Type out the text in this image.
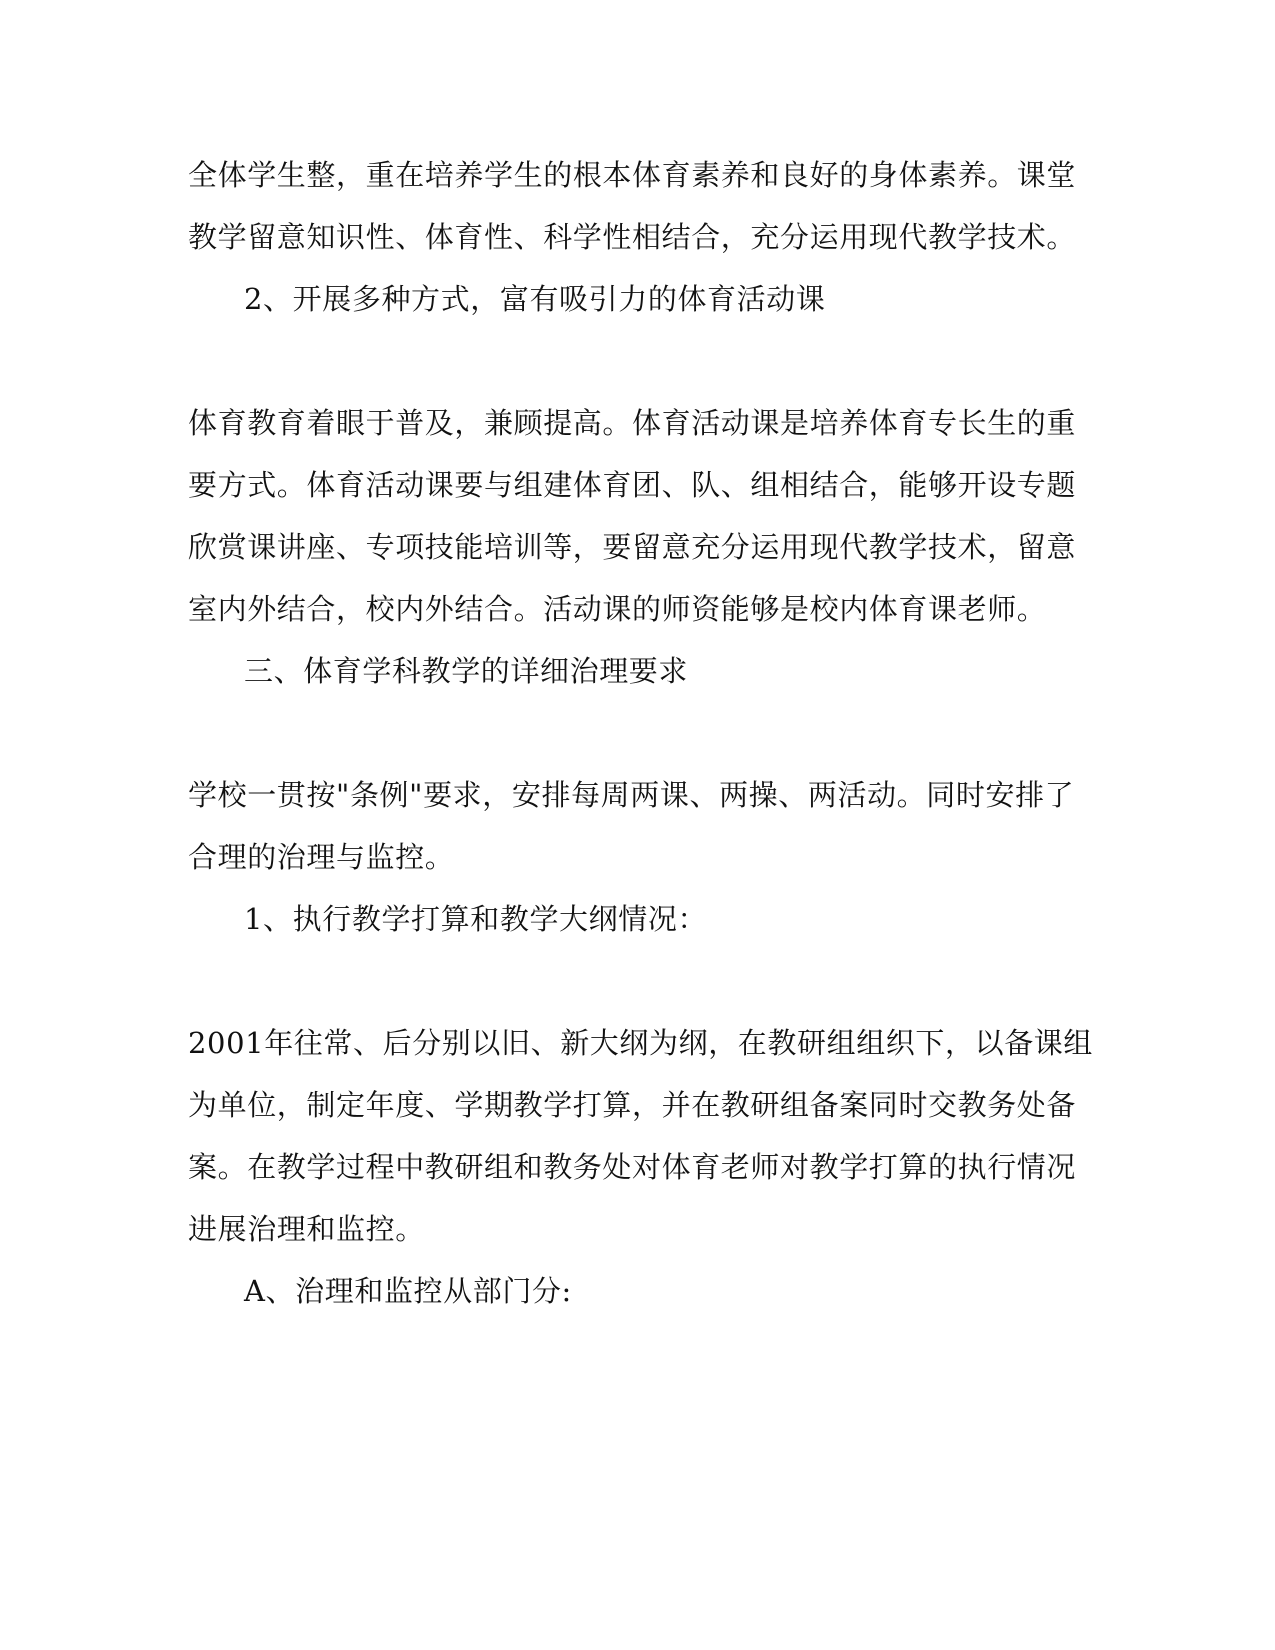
全体学生整，重在培养学生的根本体育素养和良好的身体素养。课堂
教学留意知识性、体育性、科学性相结合，充分运用现代教学技术。
2、开展多种方式，富有吸引力的体育活动课
体育教育着眼于普及，兼顾提高。体育活动课是培养体育专长生的重
要方式。体育活动课要与组建体育团、队、组相结合，能够开设专题
欣赏课讲座、专项技能培训等，要留意充分运用现代教学技术，留意
室内外结合，校内外结合。活动课的师资能够是校内体育课老师。
三、体育学科教学的详细治理要求
学校一贯按"条例"要求，安排每周两课、两操、两活动。同时安排了
合理的治理与监控。
1、执行教学打算和教学大纲情况：
2001年往常、后分别以旧、新大纲为纲，在教研组组织下，以备课组
为单位，制定年度、学期教学打算，并在教研组备案同时交教务处备
案。在教学过程中教研组和教务处对体育老师对教学打算的执行情况
进展治理和监控。
A、治理和监控从部门分:
